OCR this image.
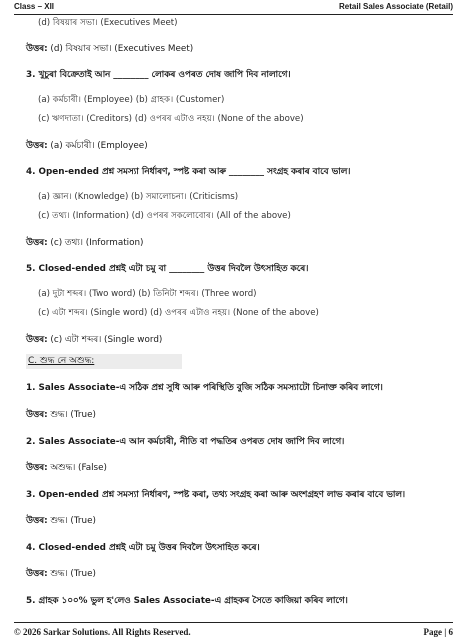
Class – XII	Retail Sales Associate (Retail)
(d) বিষয়াৰ সভা। (Executives Meet)
উত্তৰ: (d) বিষয়াৰ সভা। (Executives Meet)
3. খুচুৰা বিক্ৰেতাই আন ________ লোকৰ ওপৰত দোষ জাপি দিব নালাগে।
(a) কৰ্মচাৰী। (Employee) (b) গ্ৰাহক। (Customer)
(c) ঋণদাতা। (Creditors) (d) ওপৰৰ এটাও নহয়। (None of the above)
উত্তৰ: (a) কৰ্মচাৰী। (Employee)
4. Open-ended প্ৰশ্ন সমস্যা নিৰ্ধাৰণ, স্পষ্ট কৰা আৰু ________ সংগ্ৰহ কৰাৰ বাবে ভাল।
(a) জ্ঞান। (Knowledge) (b) সমালোচনা। (Criticisms)
(c) তথ্য। (Information) (d) ওপৰৰ সকলোবোৰ। (All of the above)
উত্তৰ: (c) তথ্য। (Information)
5. Closed-ended প্ৰশ্নই এটা চমু বা ________ উত্তৰ দিবলৈ উৎসাহিত কৰে।
(a) দুটা শব্দৰ। (Two word) (b) তিনিটা শব্দৰ। (Three word)
(c) এটা শব্দৰ। (Single word) (d) ওপৰৰ এটাও নহয়। (None of the above)
উত্তৰ: (c) এটা শব্দৰ। (Single word)
C. শুদ্ধ নে অশুদ্ধ:
1. Sales Associate-এ সঠিক প্ৰশ্ন সুধি আৰু পৰিস্থিতি বুজি সঠিক সমস্যাটো চিনাক্ত কৰিব লাগে।
উত্তৰ: শুদ্ধ। (True)
2. Sales Associate-এ আন কৰ্মচাৰী, নীতি বা পদ্ধতিৰ ওপৰত দোষ জাপি দিব লাগে।
উত্তৰ: অশুদ্ধ। (False)
3. Open-ended প্ৰশ্ন সমস্যা নিৰ্ধাৰণ, স্পষ্ট কৰা, তথ্য সংগ্ৰহ কৰা আৰু অংশগ্ৰহণ লাভ কৰাৰ বাবে ভাল।
উত্তৰ: শুদ্ধ। (True)
4. Closed-ended প্ৰশ্নই এটা চমু উত্তৰ দিবলৈ উৎসাহিত কৰে।
উত্তৰ: শুদ্ধ। (True)
5. গ্ৰাহক ১০০% ভুল হ'লেও Sales Associate-এ গ্ৰাহকৰ সৈতে কাজিয়া কৰিব লাগে।
© 2026 Sarkar Solutions. All Rights Reserved.	Page | 6
